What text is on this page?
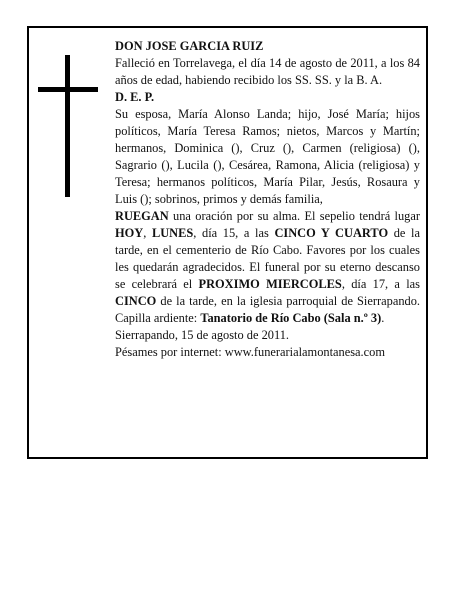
DON JOSE GARCIA RUIZ

Falleció en Torrelavega, el día 14 de agosto de 2011, a los 84 años de edad, habiendo recibido los SS. SS. y la B. A.

D. E. P.

Su esposa, María Alonso Landa; hijo, José María; hijos políticos, María Teresa Ramos; nietos, Marcos y Martín; hermanos, Dominica (), Cruz (), Carmen (religiosa) (), Sagrario (), Lucila (), Cesárea, Ramona, Alicia (religiosa) y Teresa; hermanos políticos, María Pilar, Jesús, Rosaura y Luis (); sobrinos, primos y demás familia,

RUEGAN una oración por su alma. El sepelio tendrá lugar HOY, LUNES, día 15, a las CINCO Y CUARTO de la tarde, en el cementerio de Río Cabo. Favores por los cuales les quedarán agradecidos. El funeral por su eterno descanso se celebrará el PROXIMO MIERCOLES, día 17, a las CINCO de la tarde, en la iglesia parroquial de Sierrapando. Capilla ardiente: Tanatorio de Río Cabo (Sala n.º 3).

Sierrapando, 15 de agosto de 2011.

Pésames por internet: www.funerarialamontanesa.com
